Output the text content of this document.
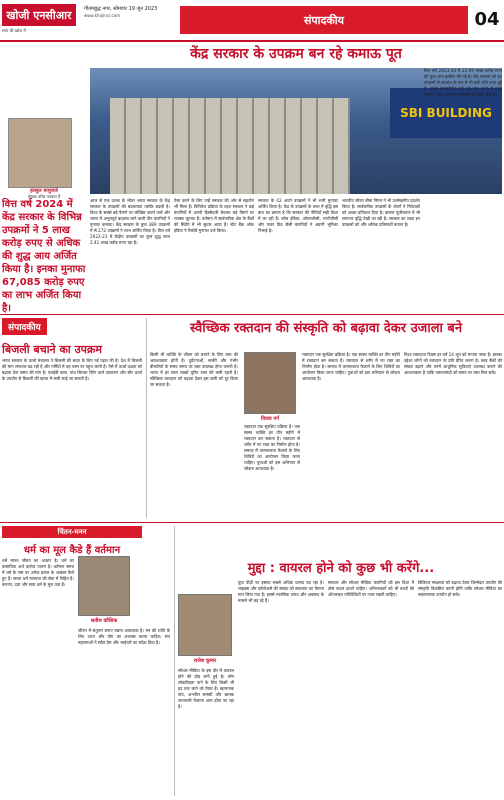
खोजी एनसीआर
सत्य की खोज में
गौतमबुद्ध नगर, सोमवार 19 जून 2023
www.khojincr.com	संपादकीय	04
केंद्र सरकार के उपक्रम बन रहे कमाऊ पूत
SBI BUILDING
हरशुल माथुराजे
लेखक वरिष्ठ पत्रकार हैं
वित्त वर्ष 2024 में केंद्र सरकार के विभिन्न उपक्रमों ने 5 लाख करोड़ रुपए से अधिक की शुद्ध आय अर्जित किया है। इनका मुनाफा 67,085 करोड़ रुपए का लाभ अर्जित किया है।
आज से एक दशक के भीतर भारत सरकार के केंद्र सरकार के उपक्रमों की बदलावात तस्वीर बदली है। विश्व के सबसे बड़े पैमाने पर जोखिम उठाने वाले और भारत में अभूतपूर्व बदलाव लाने वाली तीन कंपनियों ने मुनाफा कमाया। केंद्र सरकार के कुल 389 उपक्रमों में से 272 उपक्रमों ने लाभ अर्जित किया है। वित्त वर्ष 2022-23 में केंद्रीय उपक्रमों का कुल शुद्ध लाभ 2.41 लाख करोड़ रुपए रहा है।
ऐसा करने के लिए उन्हें सरकार की ओर से सहयोग भी मिला है। विनिवेश प्रक्रिया के तहत सरकार ने कई कंपनियों में अपनी हिस्सेदारी बेचकर बड़े पैमाने पर राजस्व जुटाया है। वर्तमान में सार्वजनिक क्षेत्र के बैंकों की स्थिति में भी सुधार आया है। स्टेट बैंक ऑफ इंडिया ने रिकॉर्ड मुनाफा दर्ज किया।
सरकार के 42 अपने उपक्रमों ने भी भारी मुनाफा अर्जित किया है। केंद्र के उपक्रमों के लाभ में वृद्धि इस बात का प्रमाण है कि सरकार की नीतियाँ सही दिशा में जा रही हैं। कोल इंडिया, ओएनजीसी, एनटीपीसी और पावर ग्रिड जैसी कंपनियों ने अग्रणी भूमिका निभाई है।
भारतीय जीवन बीमा निगम ने भी उल्लेखनीय प्रदर्शन किया है। सार्वजनिक उपक्रमों के शेयरों ने निवेशकों को अच्छा प्रतिफल दिया है। बाजार पूंजीकरण में भी लगातार वृद्धि देखी जा रही है। सरकार का लक्ष्य इन उपक्रमों को और अधिक प्रतिस्पर्धी बनाना है।
वित्त वर्ष 2023-24 में 22.09 लाख करोड़ रुपए की कुल आय हासिल की गई है। केंद्र सरकार को इन उपक्रमों से लाभांश के रूप में भी बड़ी राशि प्राप्त हुई है। इससे राजकोषीय घाटे को कम करने में मदद मिली है और आधारभूत संरचना में निवेश बढ़ा है।
संपादकीय	स्वैच्छिक रक्तदान की संस्कृति को बढ़ावा देकर उजाला बने
बिजली बचाने का उपक्रम
भारत सरकार के ऊर्जा मंत्रालय ने बिजली की बचत के लिए नई पहल की है। देश में बिजली की मांग लगातार बढ़ रही है और गर्मियों में यह चरम पर पहुंच जाती है। ऐसे में ऊर्जा दक्षता को बढ़ावा देना समय की मांग है। एलईडी बल्ब, पांच सितारा रेटिंग वाले उपकरण और सौर ऊर्जा के उपयोग से बिजली की खपत में कमी लाई जा सकती है।
विजय गर्ग
किसी भी व्यक्ति के जीवन को बचाने के लिए रक्त की आवश्यकता होती है। दुर्घटनाओं, सर्जरी और गंभीर बीमारियों के समय समय पर रक्त उपलब्ध होना जरूरी है। भारत में हर साल लाखों यूनिट रक्त की कमी रहती है। स्वैच्छिक रक्तदान को बढ़ावा देकर इस कमी को दूर किया जा सकता है।
रक्तदान एक सुरक्षित प्रक्रिया है। एक स्वस्थ व्यक्ति हर तीन महीने में रक्तदान कर सकता है। रक्तदान से शरीर में नए रक्त का निर्माण होता है। समाज में जागरूकता फैलाने के लिए शिविरों का आयोजन किया जाना चाहिए। युवाओं को इस अभियान से जोड़ना आवश्यक है।
विश्व रक्तदाता दिवस हर वर्ष 14 जून को मनाया जाता है। इसका उद्देश्य लोगों को रक्तदान के प्रति प्रेरित करना है। ब्लड बैंकों की संख्या बढ़ाने और उनमें आधुनिक सुविधाएं उपलब्ध कराने की आवश्यकता है ताकि जरूरतमंदों को समय पर रक्त मिल सके।
रक्तदान एक सुरक्षित प्रक्रिया है। एक स्वस्थ व्यक्ति हर तीन महीने में रक्तदान कर सकता है। रक्तदान से शरीर में नए रक्त का निर्माण होता है। समाज में जागरूकता फैलाने के लिए शिविरों का आयोजन किया जाना चाहिए। युवाओं को इस अभियान से जोड़ना आवश्यक है।
चिंतन-मनन
धर्म का मूल कैडे हैं वर्तमान
सतीश कौशिक
धर्म मानव जीवन का आधार है। धर्म का वास्तविक अर्थ कर्तव्य पालन है। वर्तमान समय में धर्म के नाम पर अनेक प्रकार के आडंबर फैले हुए हैं। सच्चा धर्म मानवता की सेवा में निहित है। करुणा, दया और सत्य धर्म के मूल तत्व हैं।
जीवन में संतुलन बनाए रखना आवश्यक है। मन की शांति के लिए ध्यान और योग का अभ्यास करना चाहिए। संत महात्माओं ने सदैव प्रेम और भाईचारे का संदेश दिया है।
मुद्दा : वायरल होने को कुछ भी करेंगे...
राजेश कुमार
सोशल मीडिया के इस दौर में वायरल होने की होड़ लगी हुई है। लोग लोकप्रियता पाने के लिए किसी भी हद तक जाने को तैयार हैं। खतरनाक स्टंट, अश्लील सामग्री और भ्रामक जानकारी फैलाना आम होता जा रहा है।
युवा पीढ़ी पर इसका सबसे अधिक प्रभाव पड़ रहा है। लाइक्स और फॉलोअर्स की संख्या को सफलता का पैमाना मान लिया गया है। इससे मानसिक तनाव और अवसाद के मामले भी बढ़ रहे हैं।
सरकार और सोशल मीडिया कंपनियों को इस दिशा में ठोस कदम उठाने चाहिए। अभिभावकों को भी बच्चों की ऑनलाइन गतिविधियों पर नजर रखनी चाहिए।
डिजिटल साक्षरता को बढ़ावा देकर जिम्मेदार उपयोग की संस्कृति विकसित करनी होगी ताकि सोशल मीडिया का सकारात्मक उपयोग हो सके।
